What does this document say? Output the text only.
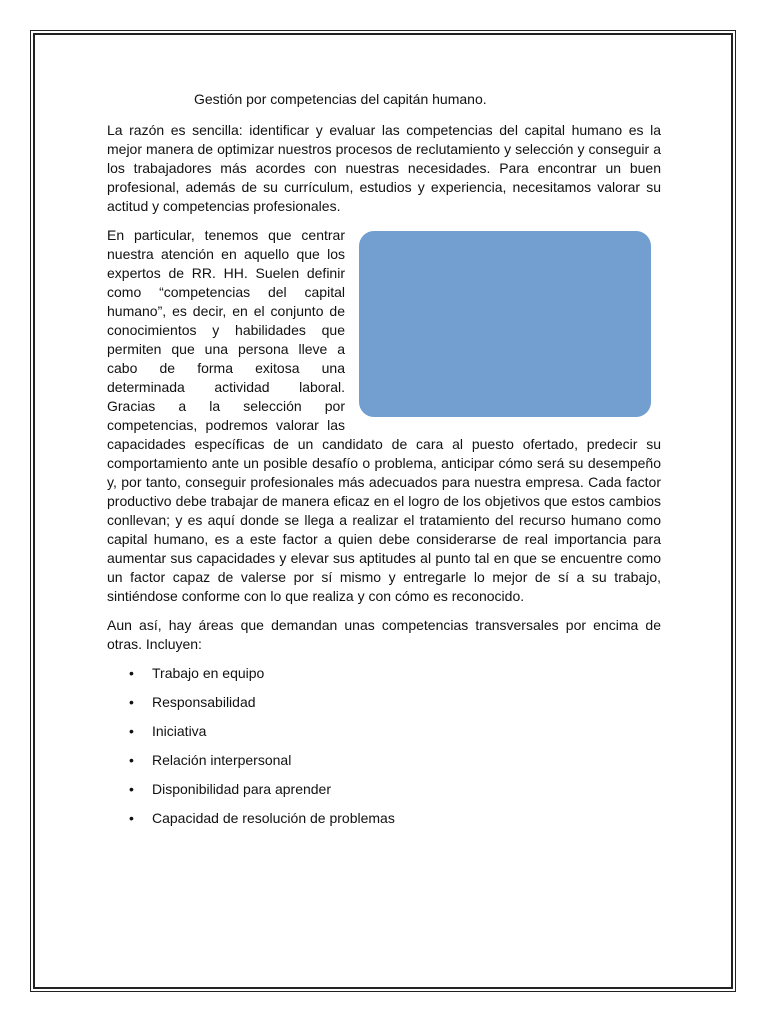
Gestión por competencias del capitán humano.

La razón es sencilla: identificar y evaluar las competencias del capital humano es la mejor manera de optimizar nuestros procesos de reclutamiento y selección y conseguir a los trabajadores más acordes con nuestras necesidades. Para encontrar un buen profesional, además de su currículum, estudios y experiencia, necesitamos valorar su actitud y competencias profesionales.

En particular, tenemos que centrar nuestra atención en aquello que los expertos de RR. HH. Suelen definir como “competencias del capital humano”, es decir, en el conjunto de conocimientos y habilidades que permiten que una persona lleve a cabo de forma exitosa una determinada actividad laboral. Gracias a la selección por competencias, podremos valorar las capacidades específicas de un candidato de cara al puesto ofertado, predecir su comportamiento ante un posible desafío o problema, anticipar cómo será su desempeño y, por tanto, conseguir profesionales más adecuados para nuestra empresa. Cada factor productivo debe trabajar de manera eficaz en el logro de los objetivos que estos cambios conllevan; y es aquí donde se llega a realizar el tratamiento del recurso humano como capital humano, es a este factor a quien debe considerarse de real importancia para aumentar sus capacidades y elevar sus aptitudes al punto tal en que se encuentre como un factor capaz de valerse por sí mismo y entregarle lo mejor de sí a su trabajo, sintiéndose conforme con lo que realiza y con cómo es reconocido.

Aun así, hay áreas que demandan unas competencias transversales por encima de otras. Incluyen:

• Trabajo en equipo
• Responsabilidad
• Iniciativa
• Relación interpersonal
• Disponibilidad para aprender
• Capacidad de resolución de problemas
